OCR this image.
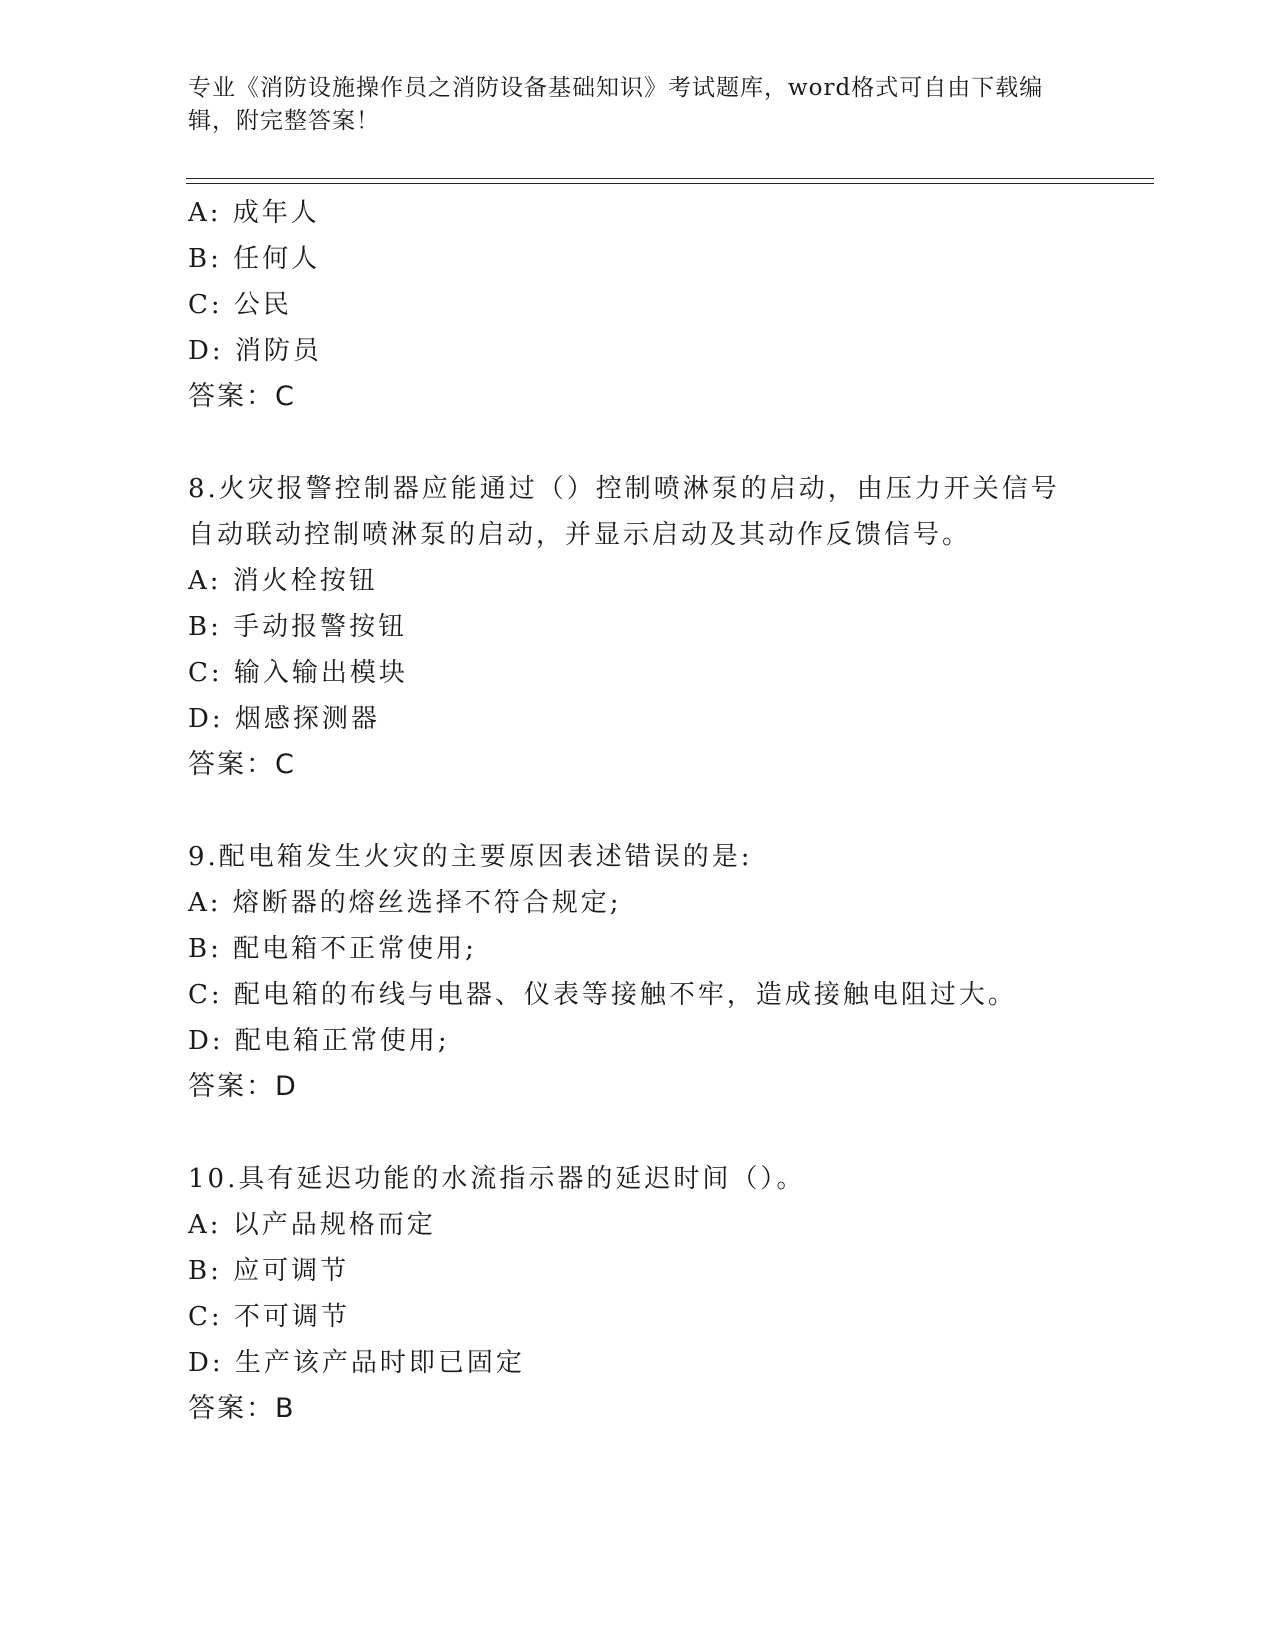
专业《消防设施操作员之消防设备基础知识》考试题库，word格式可自由下载编
辑，附完整答案！
A: 成年人
B: 任何人
C: 公民
D: 消防员
答案：C
8.火灾报警控制器应能通过（）控制喷淋泵的启动，由压力开关信号
自动联动控制喷淋泵的启动，并显示启动及其动作反馈信号。
A: 消火栓按钮
B: 手动报警按钮
C: 输入输出模块
D: 烟感探测器
答案：C
9.配电箱发生火灾的主要原因表述错误的是:
A: 熔断器的熔丝选择不符合规定;
B: 配电箱不正常使用;
C: 配电箱的布线与电器、仪表等接触不牢，造成接触电阻过大。
D: 配电箱正常使用;
答案：D
10.具有延迟功能的水流指示器的延迟时间（）。
A: 以产品规格而定
B: 应可调节
C: 不可调节
D: 生产该产品时即已固定
答案：B
